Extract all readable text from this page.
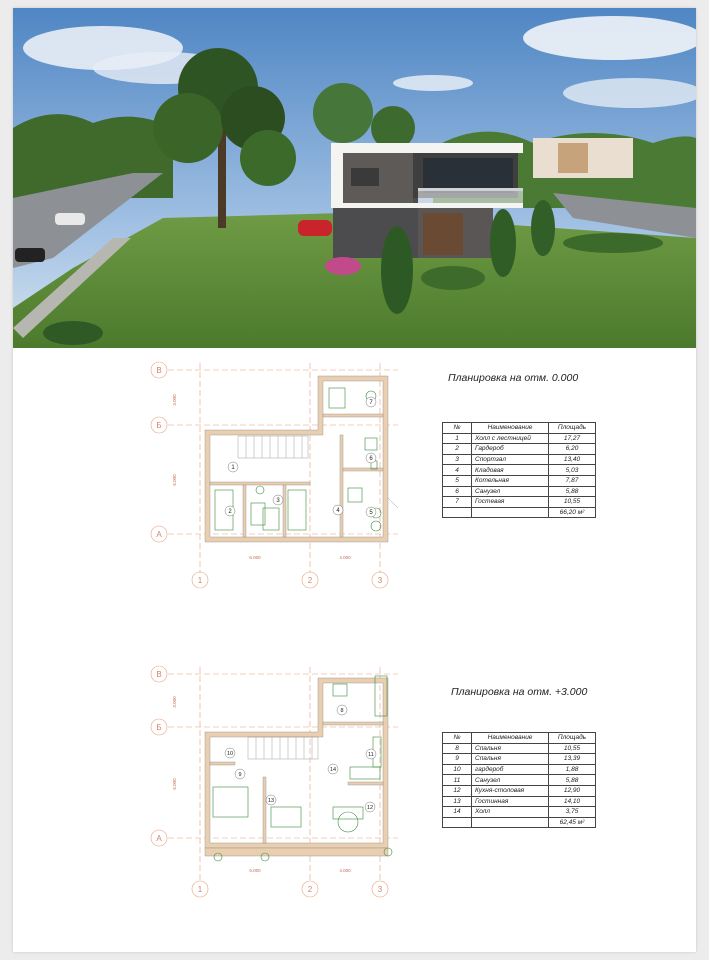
В
Б
А
1	2	3
6.000	4.000
3.000
6.000
1
2
3
4	5
6
7
Планировка на отм. 0.000
№	Наименование	Площадь
1	Холл с лестницей	17,27
2	Гардероб	6,20
3	Спортзал	13,40
4	Кладовая	5,03
5	Котельная	7,87
6	Санузел	5,88
7	Гостевая	10,55
		66,20 м²
В
Б
А
1	2	3
6.000	4.000
3.000
6.000
8
9
10	11
12
13
14
Планировка на отм. +3.000
№	Наименование	Площадь
8	Спальня	10,55
9	Спальня	13,39
10	гардероб	1,88
11	Санузел	5,88
12	Кухня-столовая	12,90
13	Гостинная	14,10
14	Холл	3,75
		62,45 м²
